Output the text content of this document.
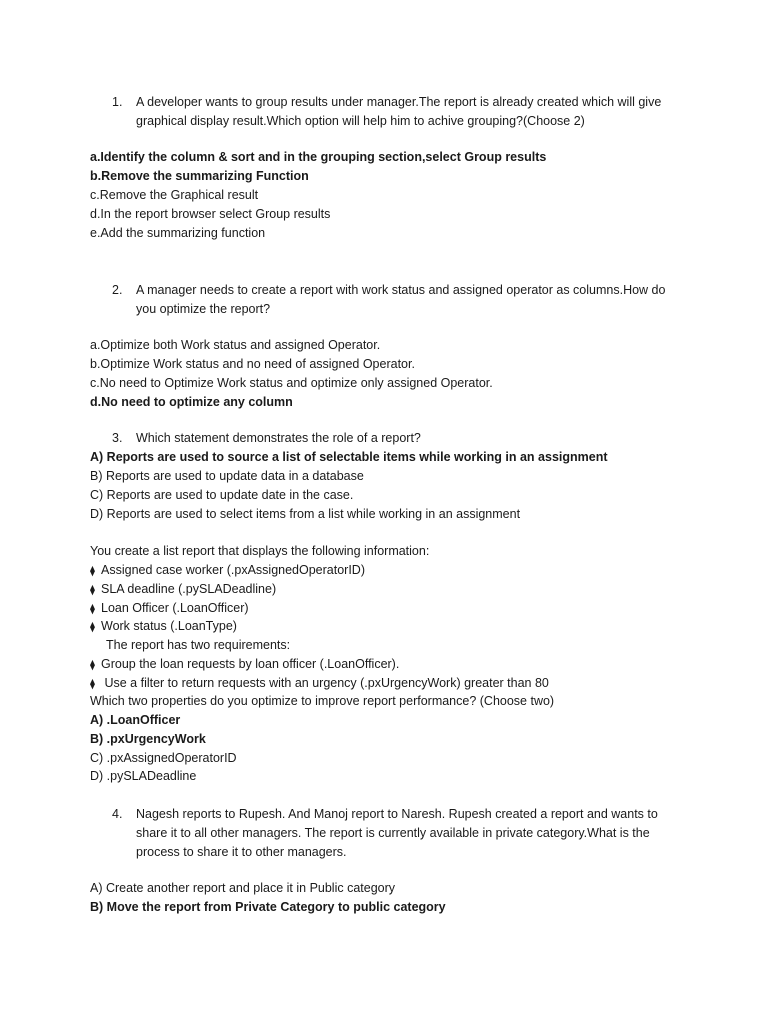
1. A developer wants to group results under manager.The report is already created which will give graphical display result.Which option will help him to achive grouping?(Choose 2)
a.Identify the column & sort and in the grouping section,select Group results
b.Remove the summarizing Function
c.Remove the Graphical result
d.In the report browser select Group results
e.Add the summarizing function
2. A manager needs to create a report with work status and assigned operator as columns.How do you optimize the report?
a.Optimize both Work status and assigned Operator.
b.Optimize Work status and no need of assigned Operator.
c.No need to Optimize Work status and optimize only assigned Operator.
d.No need to optimize any column
3. Which statement demonstrates the role of a report?
A) Reports are used to source a list of selectable items while working in an assignment
B) Reports are used to update data in a database
C) Reports are used to update date in the case.
D) Reports are used to select items from a list while working in an assignment
You create a list report that displays the following information:
⧫ Assigned case worker (.pxAssignedOperatorID)
⧫ SLA deadline (.pySLADeadline)
⧫ Loan Officer (.LoanOfficer)
⧫ Work status (.LoanType)
The report has two requirements:
⧫ Group the loan requests by loan officer (.LoanOfficer).
⧫ Use a filter to return requests with an urgency (.pxUrgencyWork) greater than 80
Which two properties do you optimize to improve report performance? (Choose two)
A) .LoanOfficer
B) .pxUrgencyWork
C) .pxAssignedOperatorID
D) .pySLADeadline
4. Nagesh reports to Rupesh. And Manoj report to Naresh. Rupesh created a report and wants to share it to all other managers. The report is currently available in private category.What is the process to share it to other managers.
A) Create another report and place it in Public category
B) Move the report from Private Category to public category
